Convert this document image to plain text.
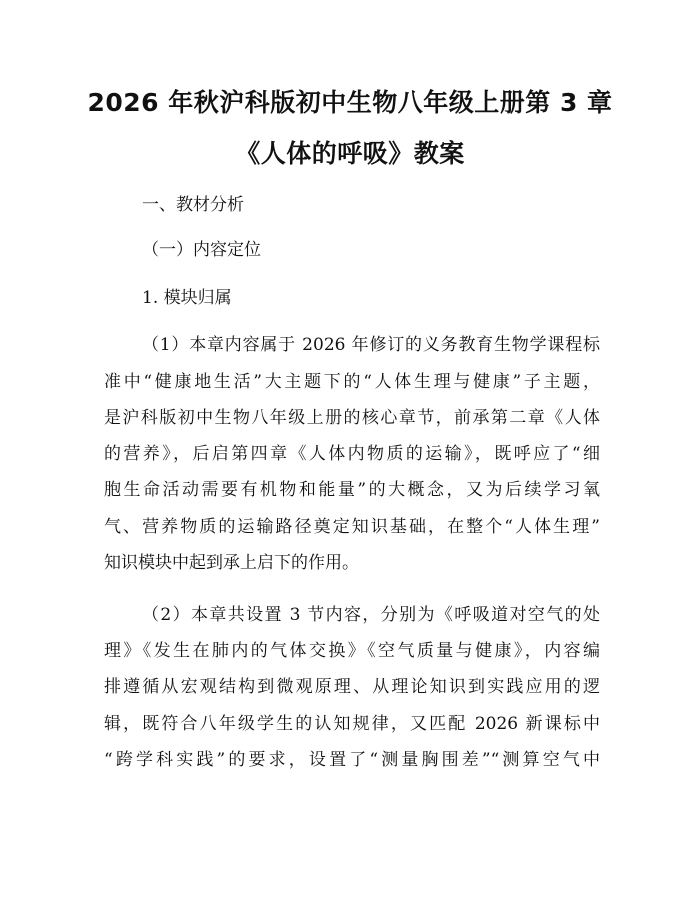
2026 年秋沪科版初中生物八年级上册第 3 章
《人体的呼吸》教案
一、教材分析
（一）内容定位
1. 模块归属
（1）本章内容属于 2026 年修订的义务教育生物学课程标
准中“健康地生活”大主题下的“人体生理与健康”子主题，
是沪科版初中生物八年级上册的核心章节，前承第二章《人体
的营养》，后启第四章《人体内物质的运输》，既呼应了“细
胞生命活动需要有机物和能量”的大概念，又为后续学习氧
气、营养物质的运输路径奠定知识基础，在整个“人体生理”
知识模块中起到承上启下的作用。
（2）本章共设置 3 节内容，分别为《呼吸道对空气的处
理》《发生在肺内的气体交换》《空气质量与健康》，内容编
排遵循从宏观结构到微观原理、从理论知识到实践应用的逻
辑，既符合八年级学生的认知规律，又匹配 2026 新课标中
“跨学科实践”的要求，设置了“测量胸围差”“测算空气中
